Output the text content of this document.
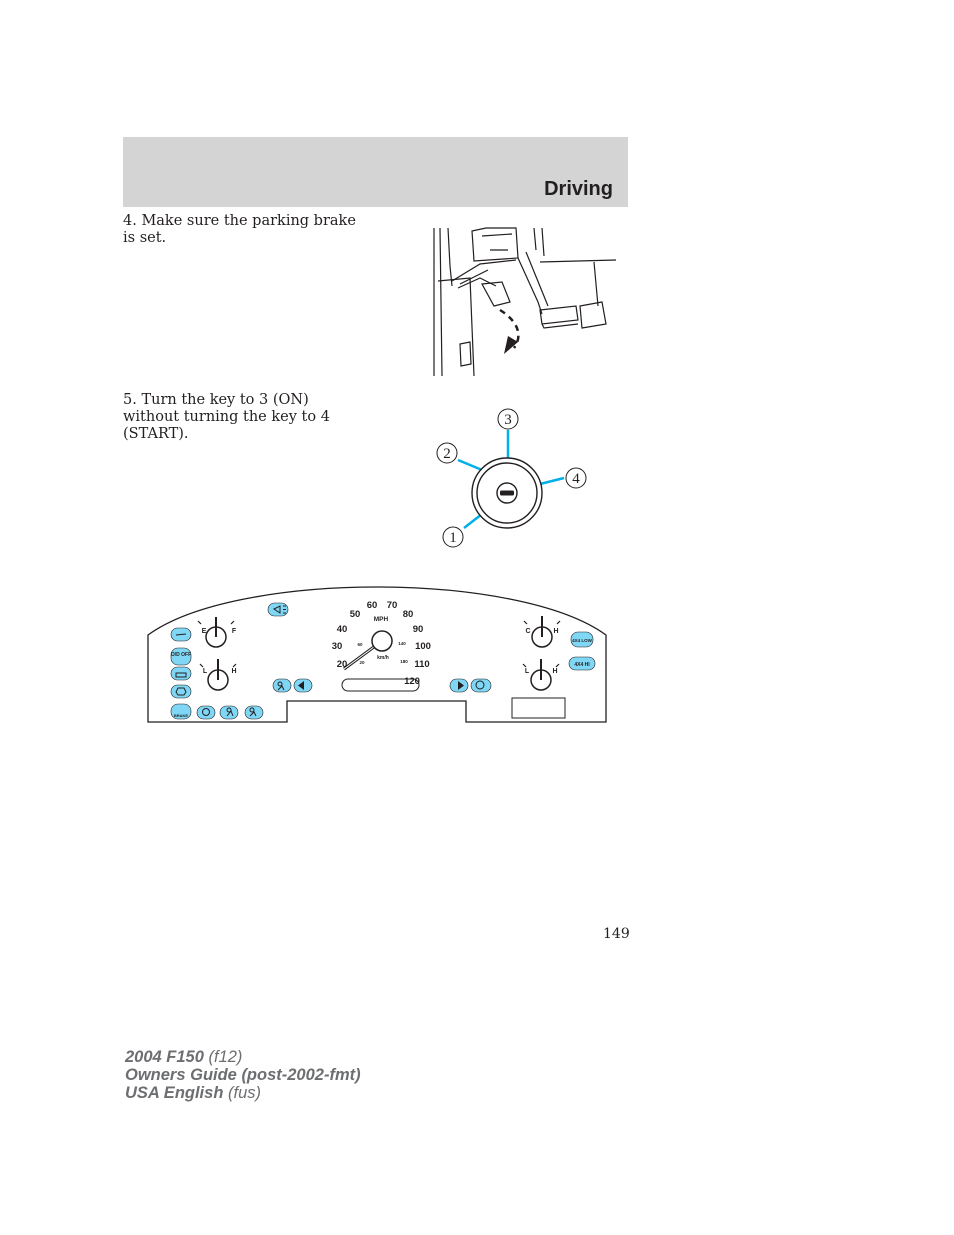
Driving

4. Make sure the parking brake is set.

5. Turn the key to 3 (ON) without turning the key to 4 (START).

3
2
4
1
E	F
L	H
C	H
L	H
20
30
40
50
60 70
80
90
100
110
120
MPH
20
60	140
180
km/h
O/D OFF
BRAKE
4X4 LOW
4X4 HI
149
2004 F150 (f12)
Owners Guide (post-2002-fmt)
USA English (fus)
